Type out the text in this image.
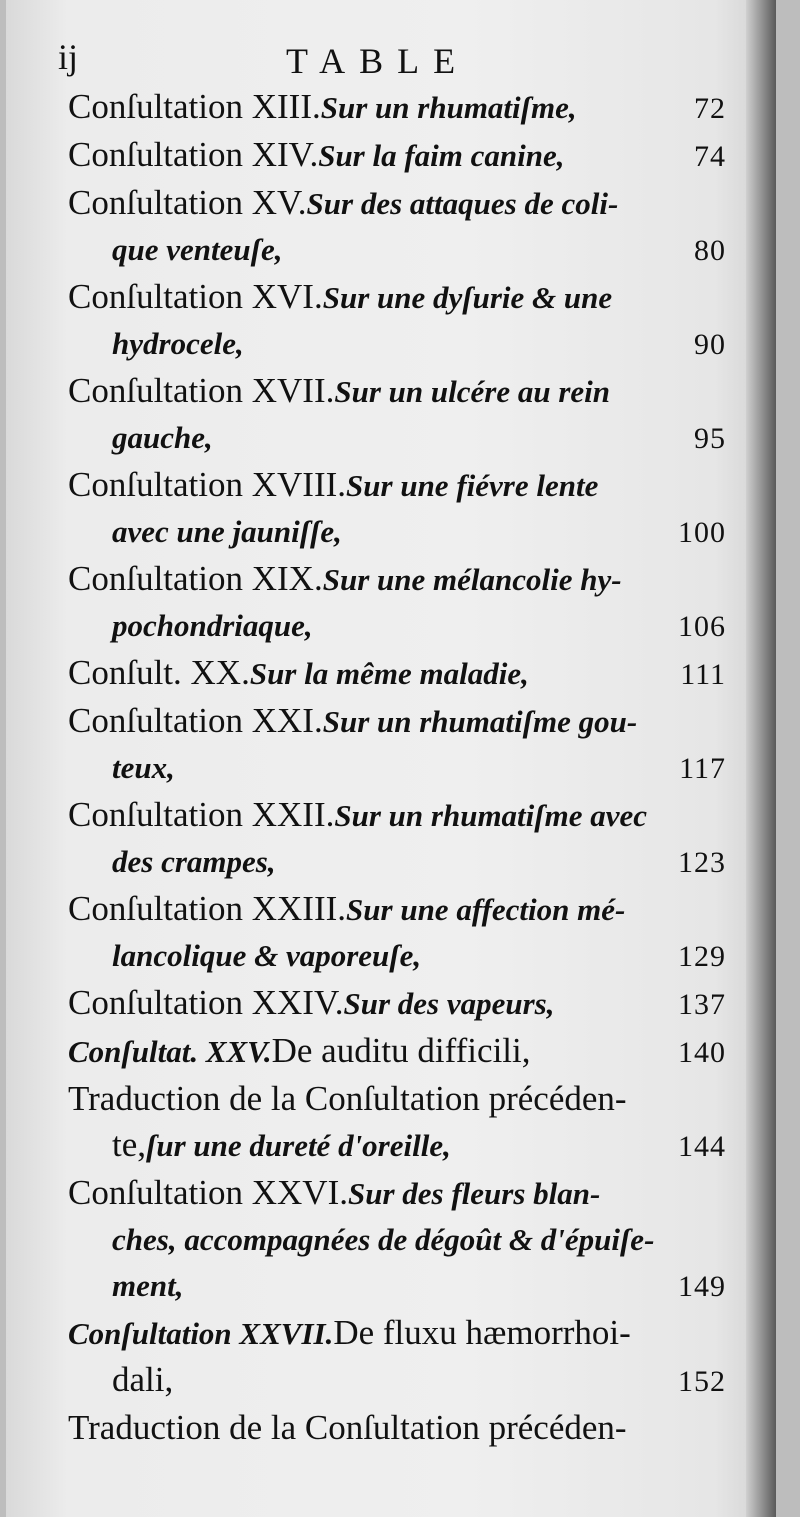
ij	TABLE
Conſultation XIII. Sur un rhumatiſme,	72
Conſultation XIV. Sur la faim canine,	74
Conſultation XV. Sur des attaques de coli-
que venteuſe,	80
Conſultation XVI. Sur une dyſurie & une
hydrocele,	90
Conſultation XVII. Sur un ulcére au rein
gauche,	95
Conſultation XVIII. Sur une fiévre lente
avec une jauniſſe,	100
Conſultation XIX. Sur une mélancolie hy-
pochondriaque,	106
Conſult. XX. Sur la même maladie,	111
Conſultation XXI. Sur un rhumatiſme gou-
teux,	117
Conſultation XXII. Sur un rhumatiſme avec
des crampes,	123
Conſultation XXIII. Sur une affection mé-
lancolique & vaporeuſe,	129
Conſultation XXIV. Sur des vapeurs,	137
Conſultat. XXV. De auditu difficili,	140
Traduction de la Conſultation précéden-
te, ſur une dureté d'oreille,	144
Conſultation XXVI. Sur des fleurs blan-
ches, accompagnées de dégoût & d'épuiſe-
ment,	149
Conſultation XXVII. De fluxu hæmorrhoi-
dali,	152
Traduction de la Conſultation précéden-
